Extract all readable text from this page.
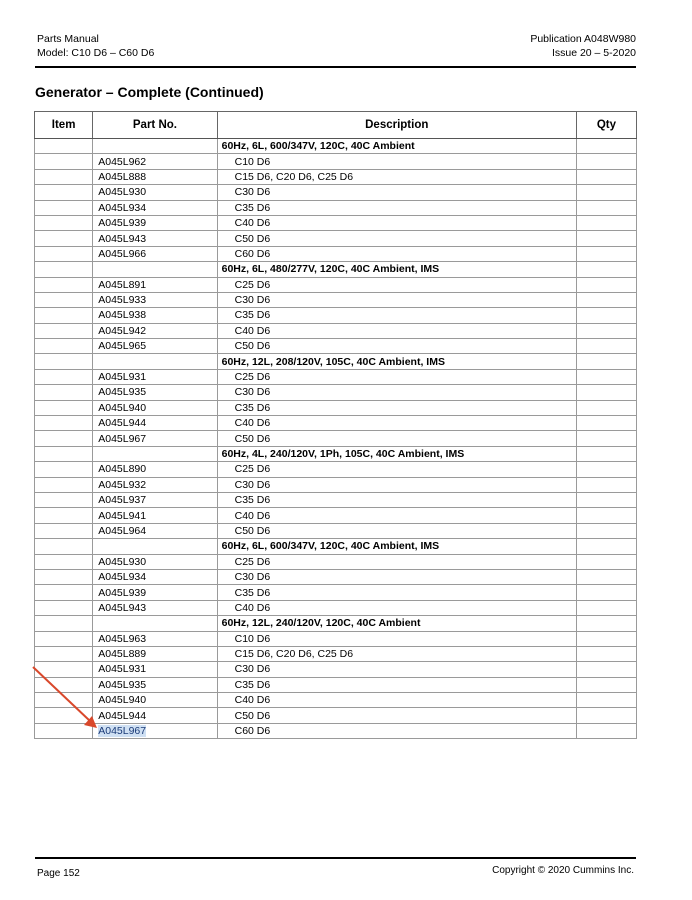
Parts Manual
Model: C10 D6 – C60 D6
Publication A048W980
Issue 20 – 5-2020
Generator – Complete (Continued)
Item	Part No.	Description	Qty
		60Hz, 6L, 600/347V, 120C, 40C Ambient	
	A045L962	C10 D6	
	A045L888	C15 D6, C20 D6, C25 D6	
	A045L930	C30 D6	
	A045L934	C35 D6	
	A045L939	C40 D6	
	A045L943	C50 D6	
	A045L966	C60 D6	
		60Hz, 6L, 480/277V, 120C, 40C Ambient, IMS	
	A045L891	C25 D6	
	A045L933	C30 D6	
	A045L938	C35 D6	
	A045L942	C40 D6	
	A045L965	C50 D6	
		60Hz, 12L, 208/120V, 105C, 40C Ambient, IMS	
	A045L931	C25 D6	
	A045L935	C30 D6	
	A045L940	C35 D6	
	A045L944	C40 D6	
	A045L967	C50 D6	
		60Hz, 4L, 240/120V, 1Ph, 105C, 40C Ambient, IMS	
	A045L890	C25 D6	
	A045L932	C30 D6	
	A045L937	C35 D6	
	A045L941	C40 D6	
	A045L964	C50 D6	
		60Hz, 6L, 600/347V, 120C, 40C Ambient, IMS	
	A045L930	C25 D6	
	A045L934	C30 D6	
	A045L939	C35 D6	
	A045L943	C40 D6	
		60Hz, 12L, 240/120V, 120C, 40C Ambient	
	A045L963	C10 D6	
	A045L889	C15 D6, C20 D6, C25 D6	
	A045L931	C30 D6	
	A045L935	C35 D6	
	A045L940	C40 D6	
	A045L944	C50 D6	
	A045L967	C60 D6	
Page 152	Copyright © 2020 Cummins Inc.
